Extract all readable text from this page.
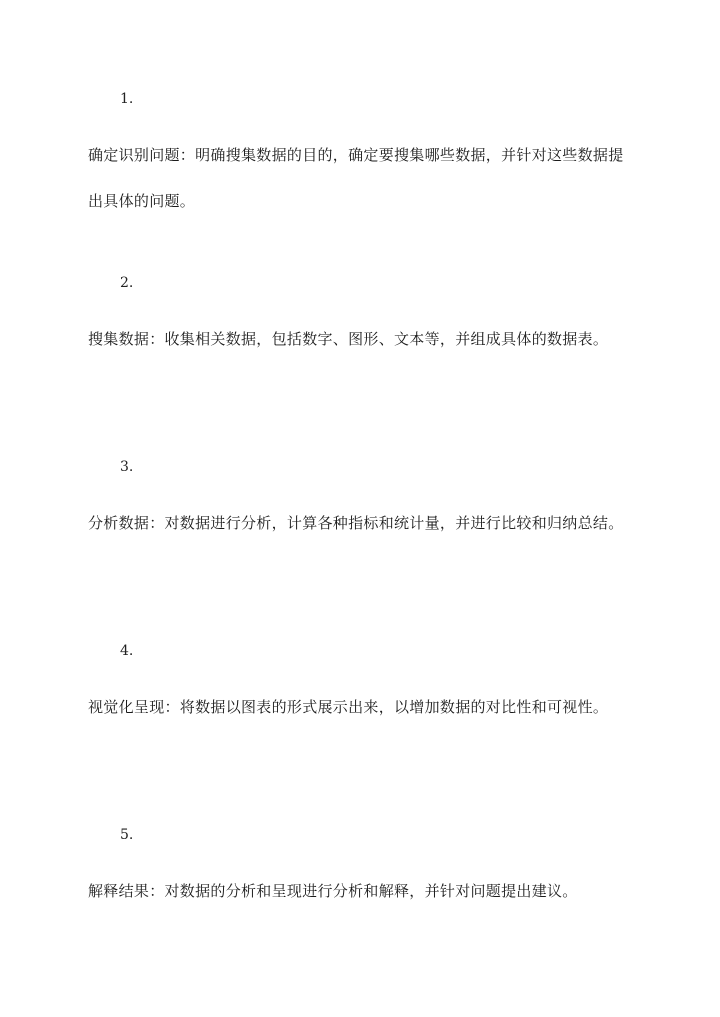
1.
确定识别问题：明确搜集数据的目的，确定要搜集哪些数据，并针对这些数据提出具体的问题。
2.
搜集数据：收集相关数据，包括数字、图形、文本等，并组成具体的数据表。
3.
分析数据：对数据进行分析，计算各种指标和统计量，并进行比较和归纳总结。
4.
视觉化呈现：将数据以图表的形式展示出来，以增加数据的对比性和可视性。
5.
解释结果：对数据的分析和呈现进行分析和解释，并针对问题提出建议。
